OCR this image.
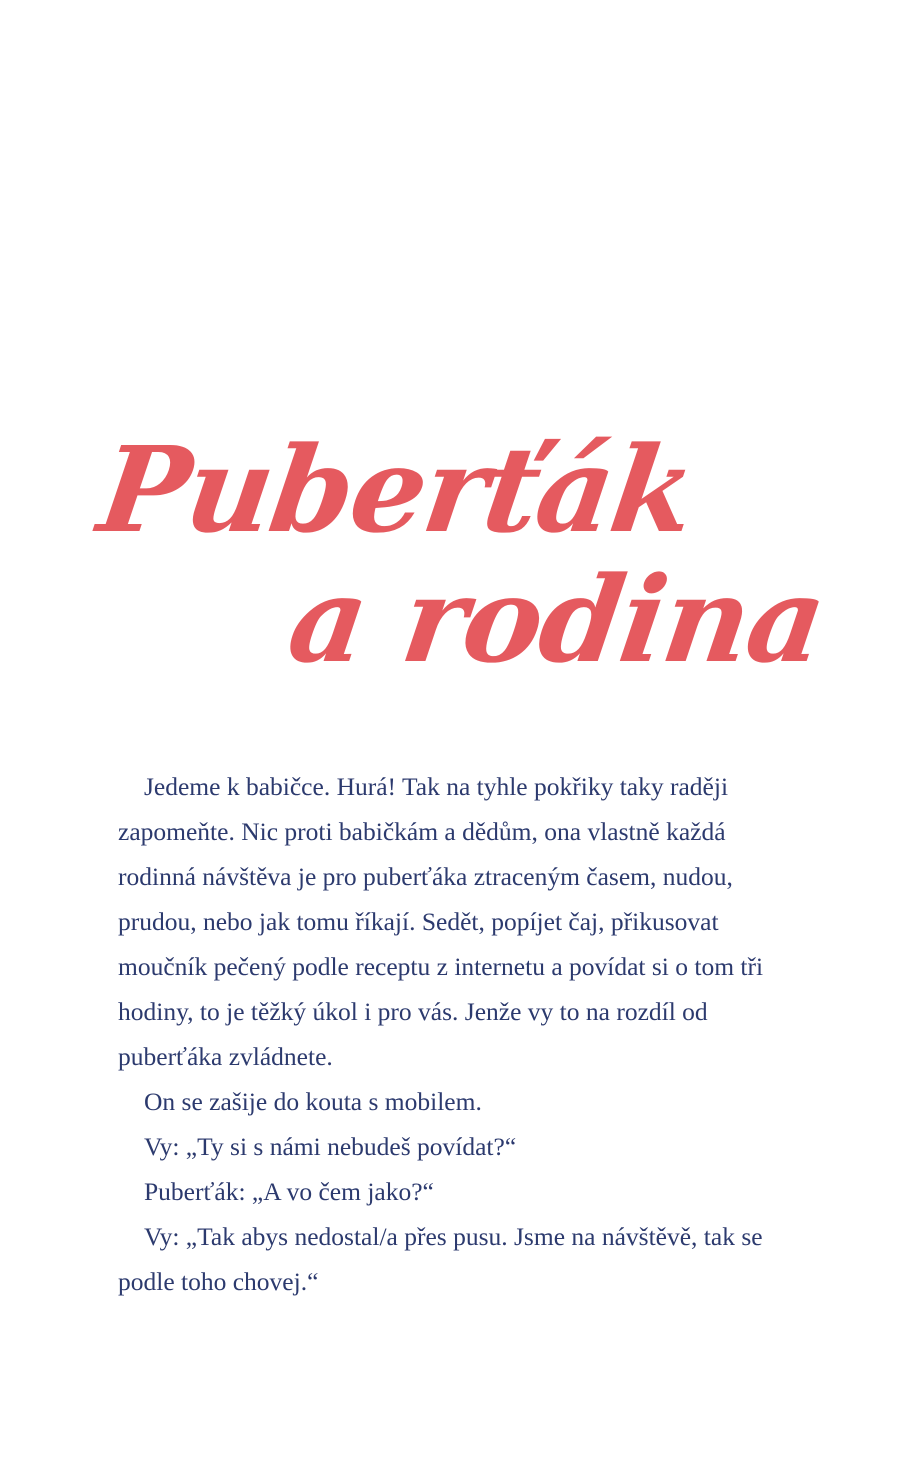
Puberťák
a rodina

Jedeme k babičce. Hurá! Tak na tyhle pokřiky taky raději zapomeňte. Nic proti babičkám a dědům, ona vlastně každá rodinná návštěva je pro puberťáka ztraceným časem, nudou, prudou, nebo jak tomu říkají. Sedět, popíjet čaj, přikusovat moučník pečený podle receptu z internetu a povídat si o tom tři hodiny, to je těžký úkol i pro vás. Jenže vy to na rozdíl od puberťáka zvládnete.

On se zašije do kouta s mobilem.

Vy: „Ty si s námi nebudeš povídat?“

Puberťák: „A vo čem jako?“

Vy: „Tak abys nedostal/a přes pusu. Jsme na návštěvě, tak se podle toho chovej.“
